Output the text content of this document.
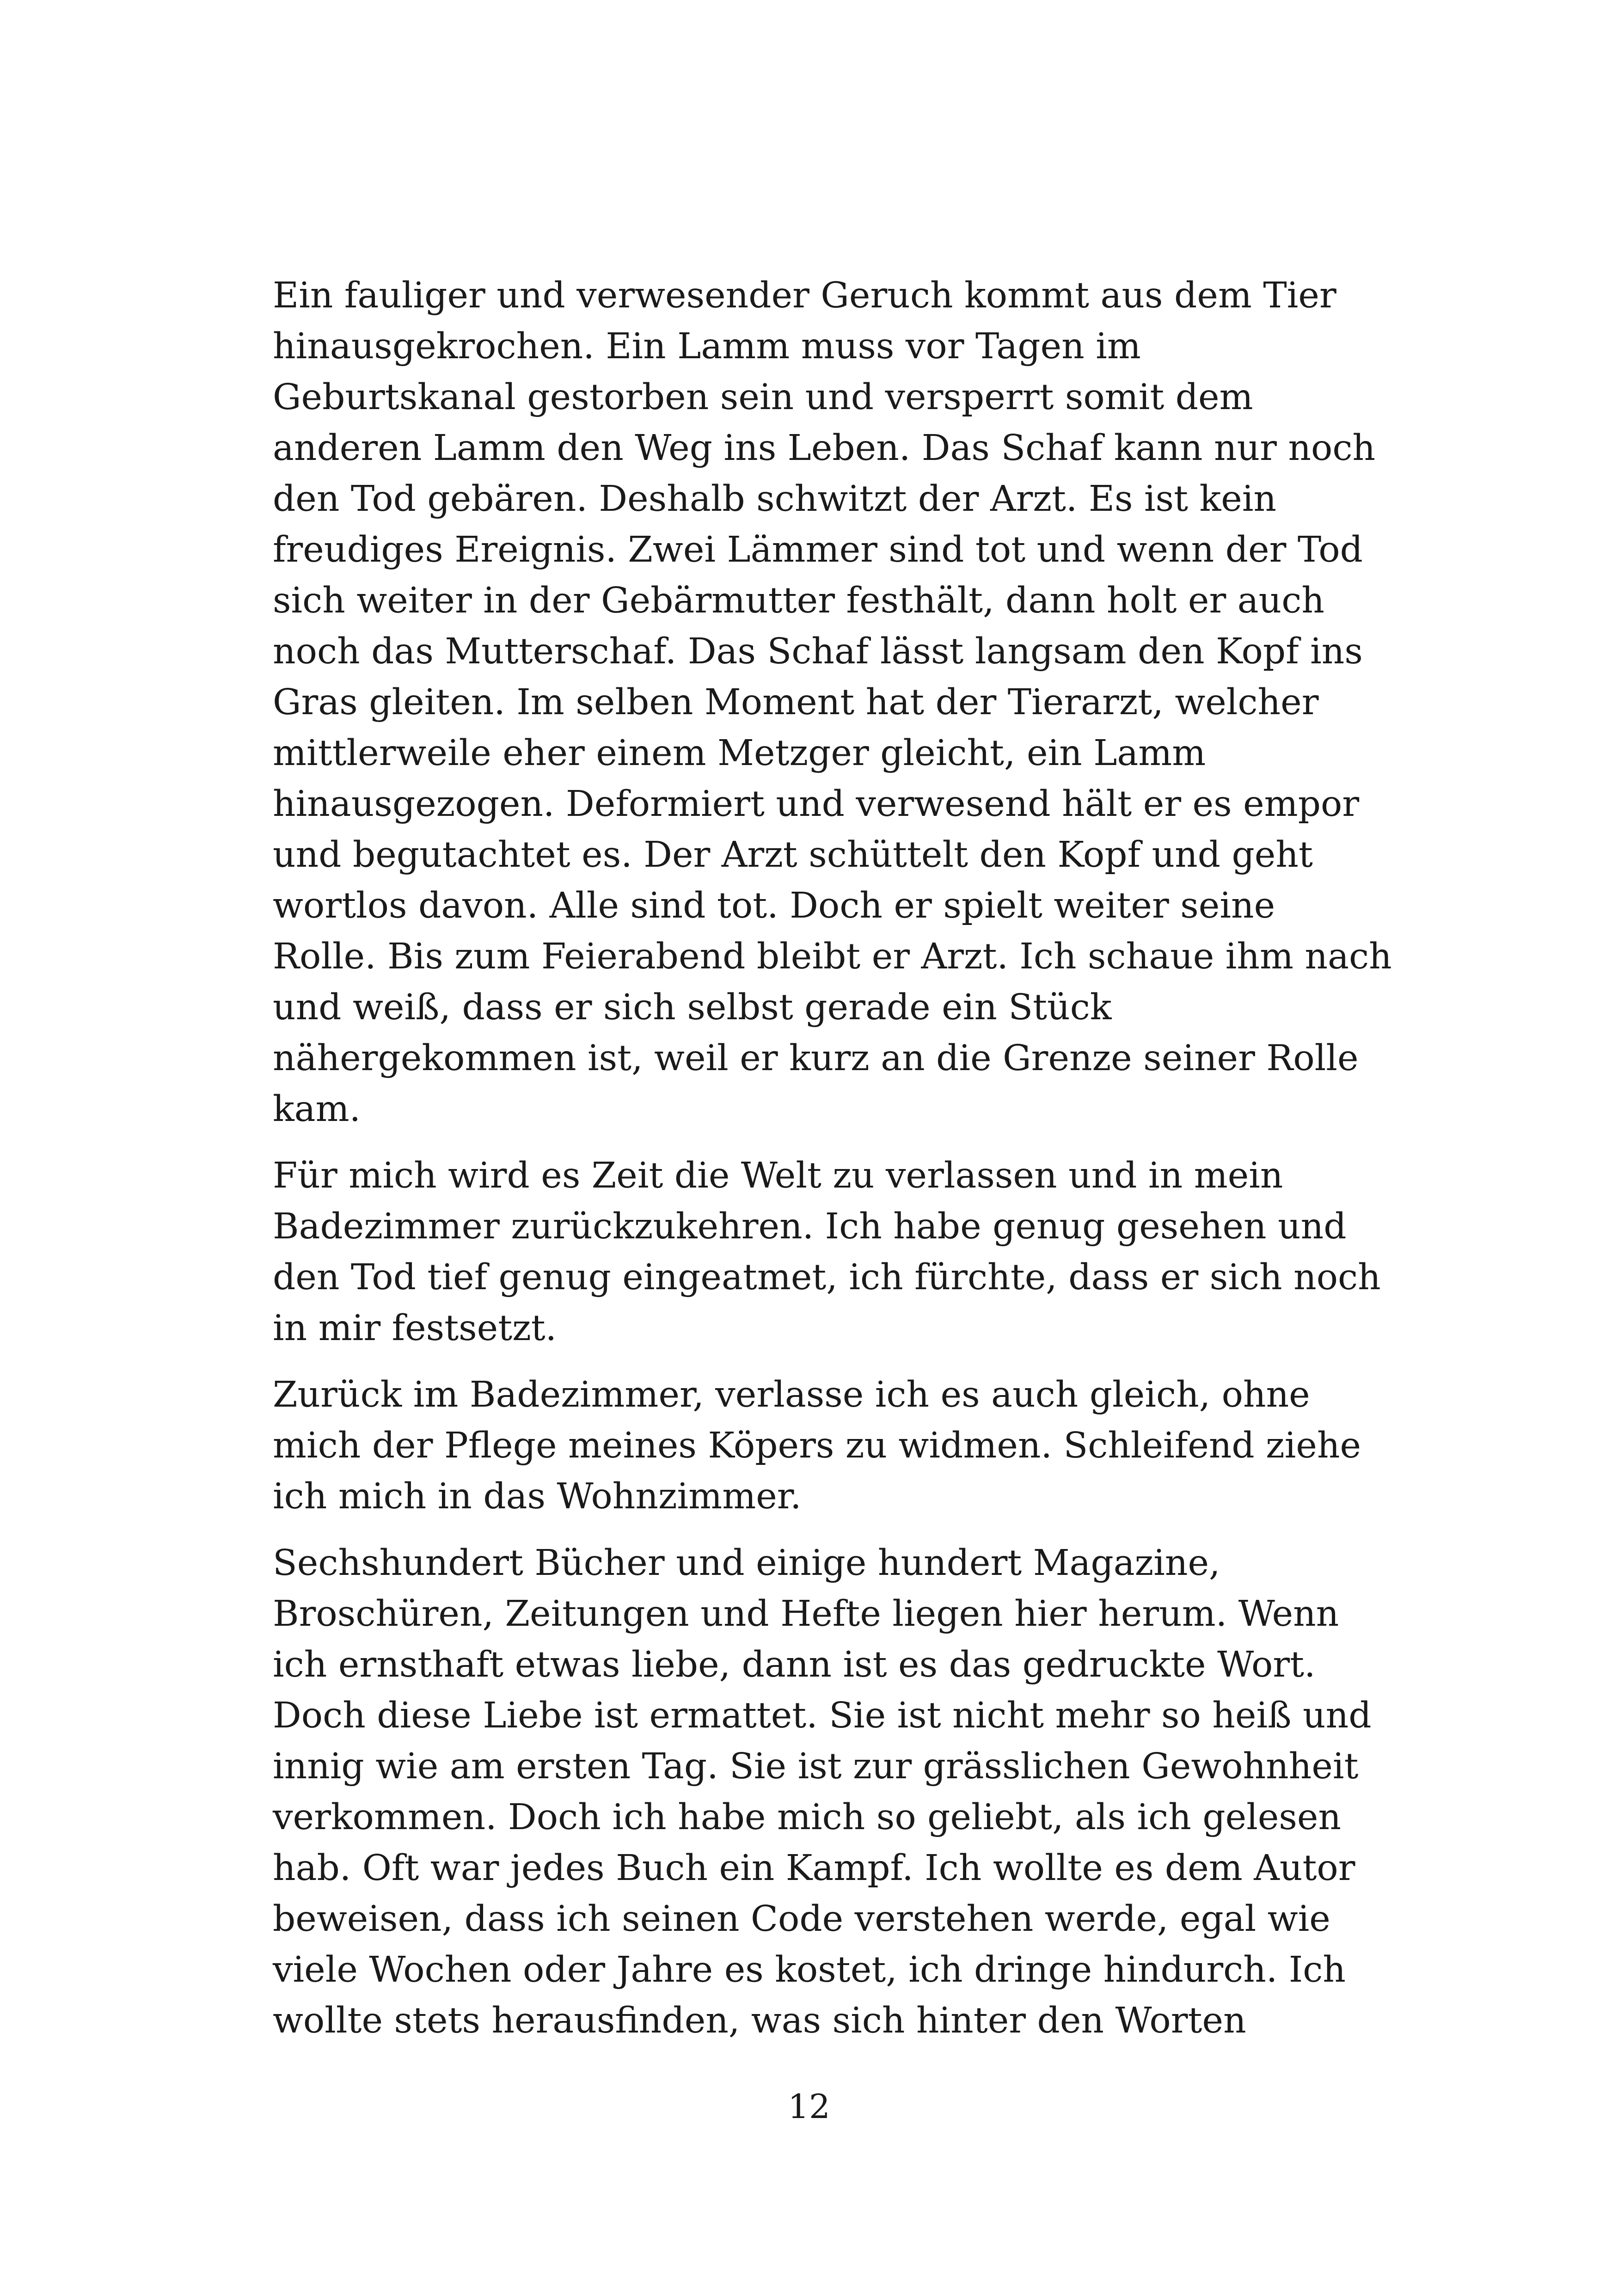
Ein fauliger und verwesender Geruch kommt aus dem Tier
hinausgekrochen. Ein Lamm muss vor Tagen im
Geburtskanal gestorben sein und versperrt somit dem
anderen Lamm den Weg ins Leben. Das Schaf kann nur noch
den Tod gebären. Deshalb schwitzt der Arzt. Es ist kein
freudiges Ereignis. Zwei Lämmer sind tot und wenn der Tod
sich weiter in der Gebärmutter festhält, dann holt er auch
noch das Mutterschaf. Das Schaf lässt langsam den Kopf ins
Gras gleiten. Im selben Moment hat der Tierarzt, welcher
mittlerweile eher einem Metzger gleicht, ein Lamm
hinausgezogen. Deformiert und verwesend hält er es empor
und begutachtet es. Der Arzt schüttelt den Kopf und geht
wortlos davon. Alle sind tot. Doch er spielt weiter seine
Rolle. Bis zum Feierabend bleibt er Arzt. Ich schaue ihm nach
und weiß, dass er sich selbst gerade ein Stück
nähergekommen ist, weil er kurz an die Grenze seiner Rolle
kam.
Für mich wird es Zeit die Welt zu verlassen und in mein
Badezimmer zurückzukehren. Ich habe genug gesehen und
den Tod tief genug eingeatmet, ich fürchte, dass er sich noch
in mir festsetzt.
Zurück im Badezimmer, verlasse ich es auch gleich, ohne
mich der Pflege meines Köpers zu widmen. Schleifend ziehe
ich mich in das Wohnzimmer.
Sechshundert Bücher und einige hundert Magazine,
Broschüren, Zeitungen und Hefte liegen hier herum. Wenn
ich ernsthaft etwas liebe, dann ist es das gedruckte Wort.
Doch diese Liebe ist ermattet. Sie ist nicht mehr so heiß und
innig wie am ersten Tag. Sie ist zur grässlichen Gewohnheit
verkommen. Doch ich habe mich so geliebt, als ich gelesen
hab. Oft war jedes Buch ein Kampf. Ich wollte es dem Autor
beweisen, dass ich seinen Code verstehen werde, egal wie
viele Wochen oder Jahre es kostet, ich dringe hindurch. Ich
wollte stets herausfinden, was sich hinter den Worten
12
